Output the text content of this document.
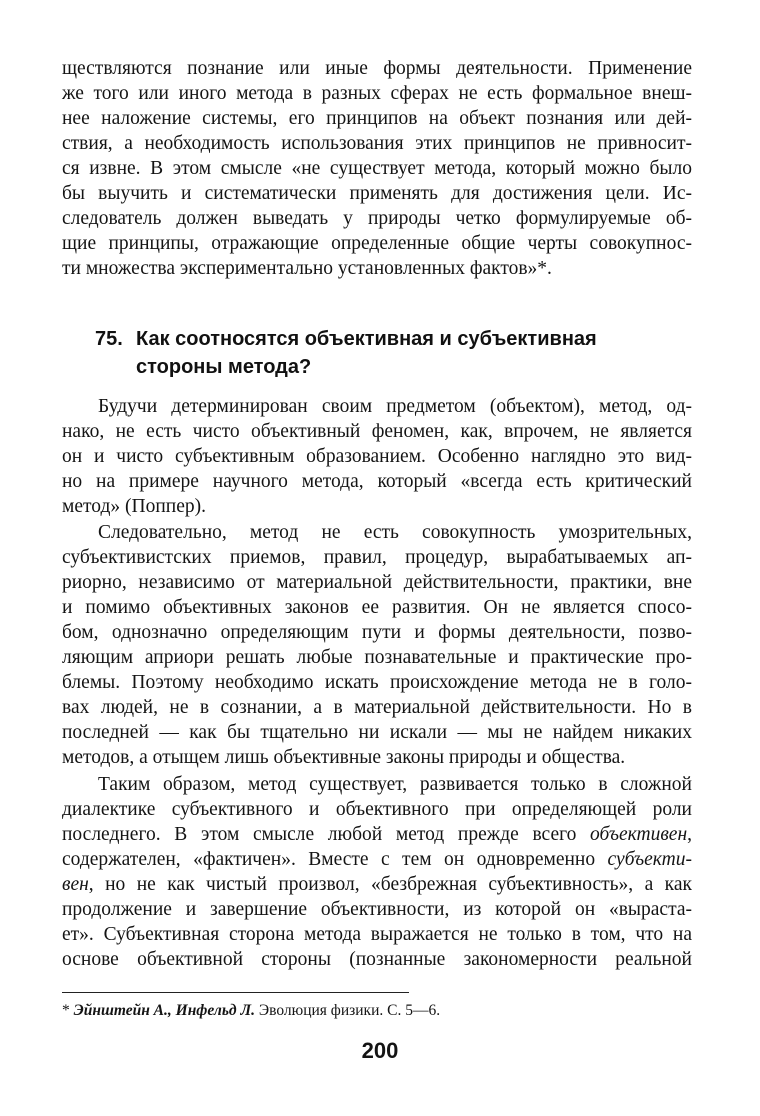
ществляются познание или иные формы деятельности. Применение
же того или иного метода в разных сферах не есть формальное внеш-
нее наложение системы, его принципов на объект познания или дей-
ствия, а необходимость использования этих принципов не привносит-
ся извне. В этом смысле «не существует метода, который можно было
бы выучить и систематически применять для достижения цели. Ис-
следователь должен выведать у природы четко формулируемые об-
щие принципы, отражающие определенные общие черты совокупнос-
ти множества экспериментально установленных фактов»*.
75. Как соотносятся объективная и субъективная
стороны метода?
Будучи детерминирован своим предметом (объектом), метод, од-
нако, не есть чисто объективный феномен, как, впрочем, не является
он и чисто субъективным образованием. Особенно наглядно это вид-
но на примере научного метода, который «всегда есть критический
метод» (Поппер).
Следовательно, метод не есть совокупность умозрительных,
субъективистских приемов, правил, процедур, вырабатываемых ап-
риорно, независимо от материальной действительности, практики, вне
и помимо объективных законов ее развития. Он не является спосо-
бом, однозначно определяющим пути и формы деятельности, позво-
ляющим априори решать любые познавательные и практические про-
блемы. Поэтому необходимо искать происхождение метода не в голо-
вах людей, не в сознании, а в материальной действительности. Но в
последней — как бы тщательно ни искали — мы не найдем никаких
методов, а отыщем лишь объективные законы природы и общества.
Таким образом, метод существует, развивается только в сложной
диалектике субъективного и объективного при определяющей роли
последнего. В этом смысле любой метод прежде всего объективен,
содержателен, «фактичен». Вместе с тем он одновременно субъекти-
вен, но не как чистый произвол, «безбрежная субъективность», а как
продолжение и завершение объективности, из которой он «выраста-
ет». Субъективная сторона метода выражается не только в том, что на
основе объективной стороны (познанные закономерности реальной
* Эйнштейн А., Инфельд Л. Эволюция физики. С. 5—6.
200
